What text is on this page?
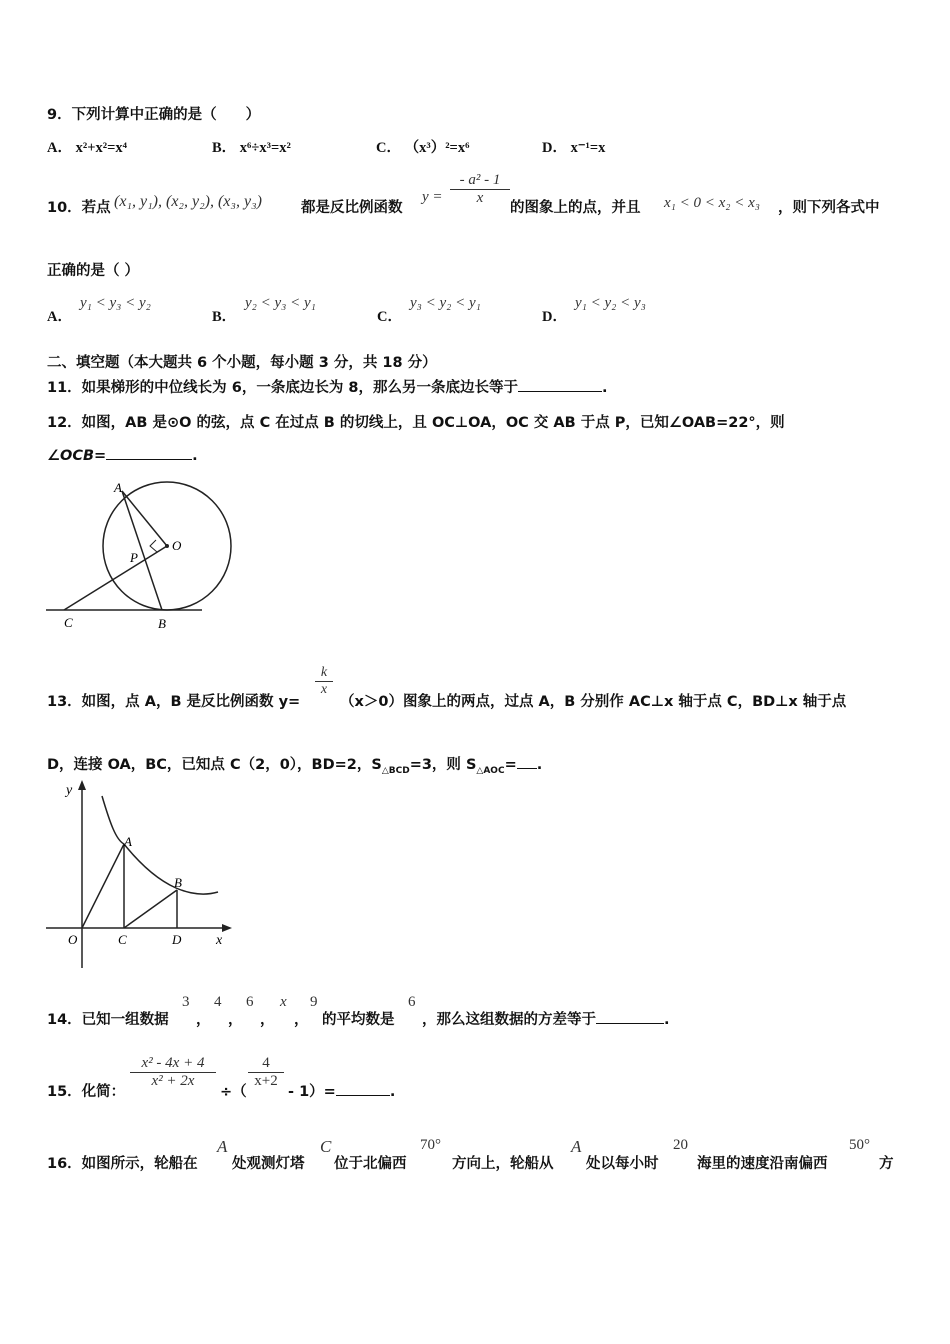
9．下列计算中正确的是（　　）
A． x²+x²=x⁴	B． x⁶÷x³=x²	C． （x³）²=x⁶	D． x⁻¹=x
10．若点 (x₁, y₁), (x₂, y₂), (x₃, y₃)	都是反比例函数
$y = \frac{\text{- a² - 1}}{x}$
的图象上的点，并且 x₁ < 0 < x₂ < x₃ ，则下列各式中
正确的是（ ）
A．
y₁ < y₃ < y₂
B．
y₂ < y₃ < y₁
C．
y₃ < y₂ < y₁
D．
y₁ < y₂ < y₃
二、填空题（本大题共 6 个小题，每小题 3 分，共 18 分）
11．如果梯形的中位线长为 6，一条底边长为 8，那么另一条底边长等于	.
12．如图，AB 是⊙O 的弦，点 C 在过点 B 的切线上，且 OC⊥OA，OC 交 AB 于点 P，已知∠OAB=22°，则
∠OCB=	.
A
O
P
C	B
13．如图，点 A，B 是反比例函数 y=
$\frac{k}{x}$
（x＞0）图象上的两点，过点 A，B 分别作 AC⊥x 轴于点 C，BD⊥x 轴于点
D，连接 OA，BC，已知点 C（2，0），BD=2，$S_{\triangle BCD}=3$，则 $S_{\triangle AOC}=$ .
y
A
B
O	C	D x
14．已知一组数据
3
，
4
，
6
，
x
，
9
的平均数是
6
，那么这组数据的方差等于	.
15．化简：
$\frac{\text{x² - 4x + 4}}{\text{x² + 2x}}$
÷（
$\frac{4}{x+2}$
- 1）=	.
16．如图所示，轮船在
A
处观测灯塔
C
位于北偏西
70°
方向上，轮船从
A
处以每小时
20
海里的速度沿南偏西
50°
方
